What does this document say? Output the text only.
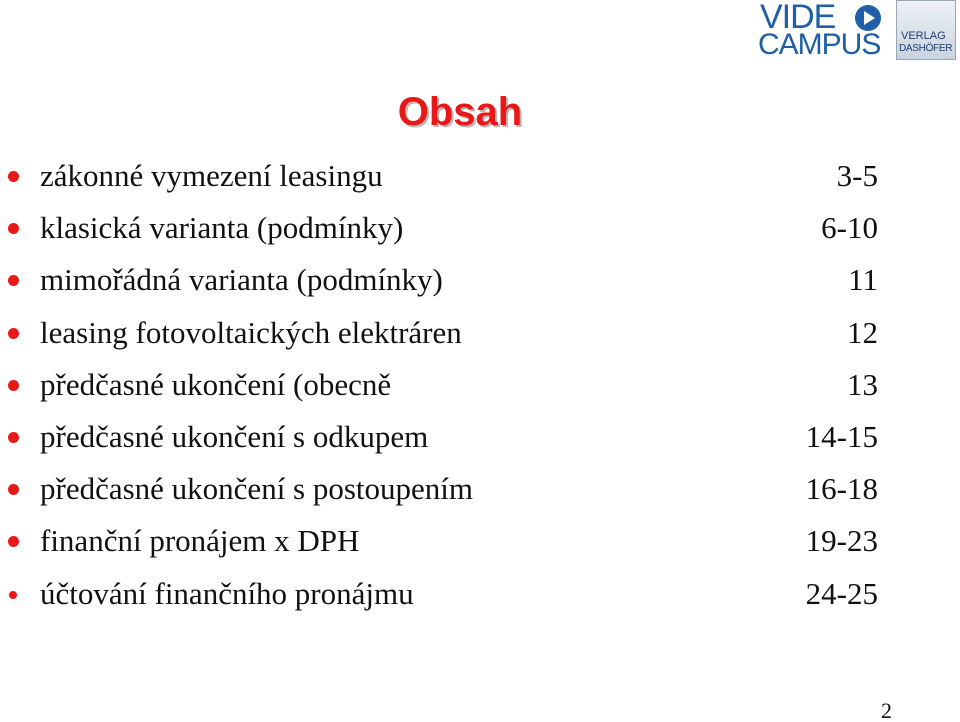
VIDE
CAMPUS VERLAG
DASHÖFER
Obsah
zákonné vymezení leasingu	3-5
klasická varianta (podmínky)	6-10
mimořádná varianta (podmínky)	11
leasing fotovoltaických elektráren	12
předčasné ukončení (obecně	13
předčasné ukončení s odkupem	14-15
předčasné ukončení s postoupením	16-18
finanční pronájem x DPH	19-23
účtování finančního pronájmu	24-25
2
